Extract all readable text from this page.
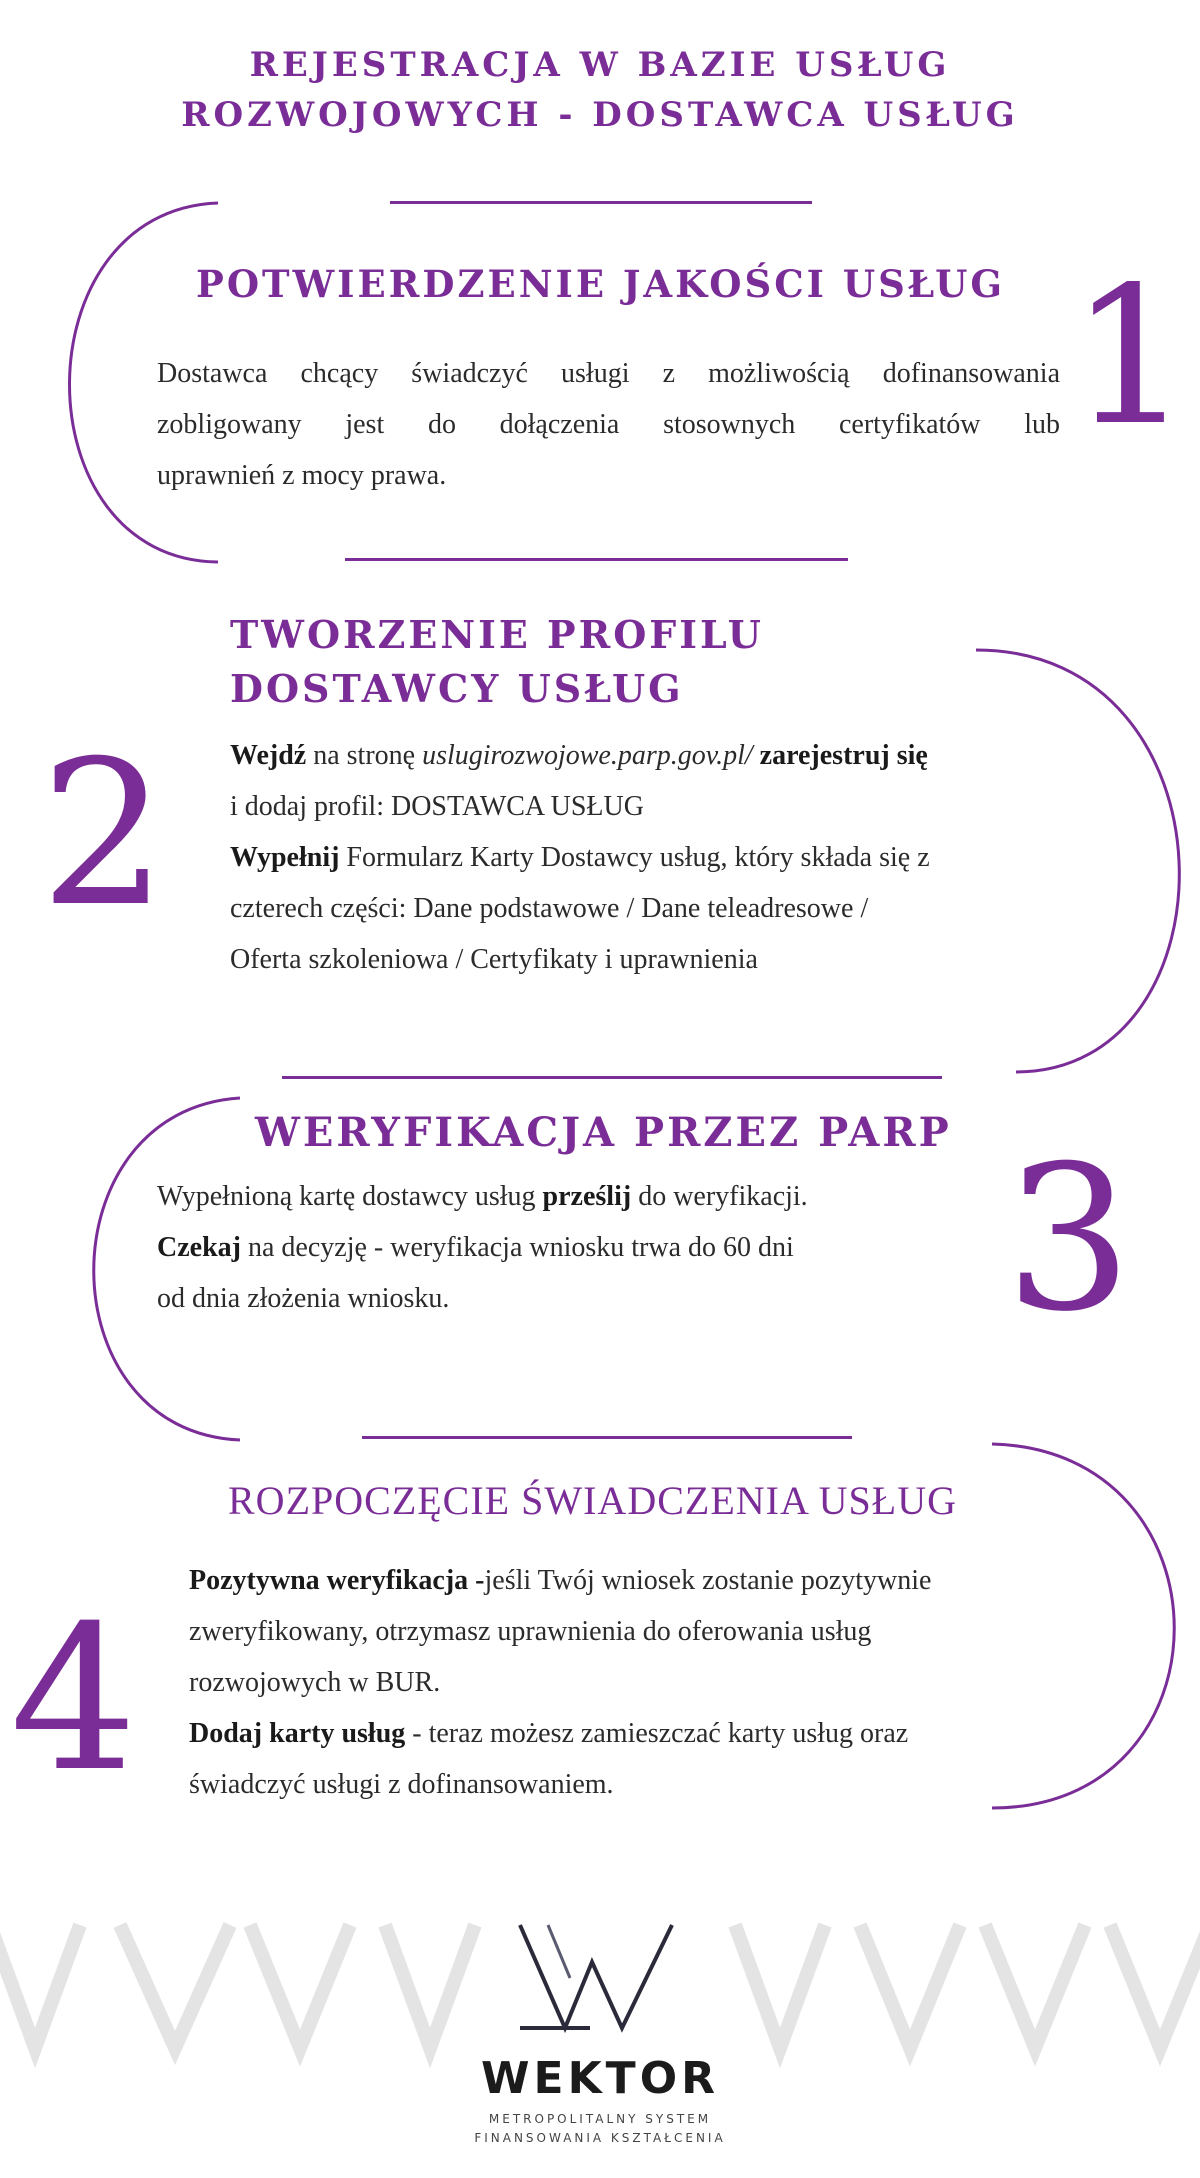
REJESTRACJA W BAZIE USŁUG
ROZWOJOWYCH - DOSTAWCA USŁUG
POTWIERDZENIE JAKOŚCI USŁUG 1
Dostawca chcący świadczyć usługi z możliwością dofinansowania
zobligowany jest do dołączenia stosownych certyfikatów lub
uprawnień z mocy prawa.
TWORZENIE PROFILU
DOSTAWCY USŁUG
2 Wejdź na stronę uslugirozwojowe.parp.gov.pl/ zarejestruj się
i dodaj profil: DOSTAWCA USŁUG
Wypełnij Formularz Karty Dostawcy usług, który składa się z
czterech części: Dane podstawowe / Dane teleadresowe /
Oferta szkoleniowa / Certyfikaty i uprawnienia
WERYFIKACJA PRZEZ PARP 3
Wypełnioną kartę dostawcy usług prześlij do weryfikacji.
Czekaj na decyzję - weryfikacja wniosku trwa do 60 dni
od dnia złożenia wniosku.
ROZPOCZĘCIE ŚWIADCZENIA USŁUG
4
Pozytywna weryfikacja -jeśli Twój wniosek zostanie pozytywnie
zweryfikowany, otrzymasz uprawnienia do oferowania usług
rozwojowych w BUR.
Dodaj karty usług - teraz możesz zamieszczać karty usług oraz
świadczyć usługi z dofinansowaniem.
WEKTOR
METROPOLITALNY SYSTEM
FINANSOWANIA KSZTAŁCENIA
